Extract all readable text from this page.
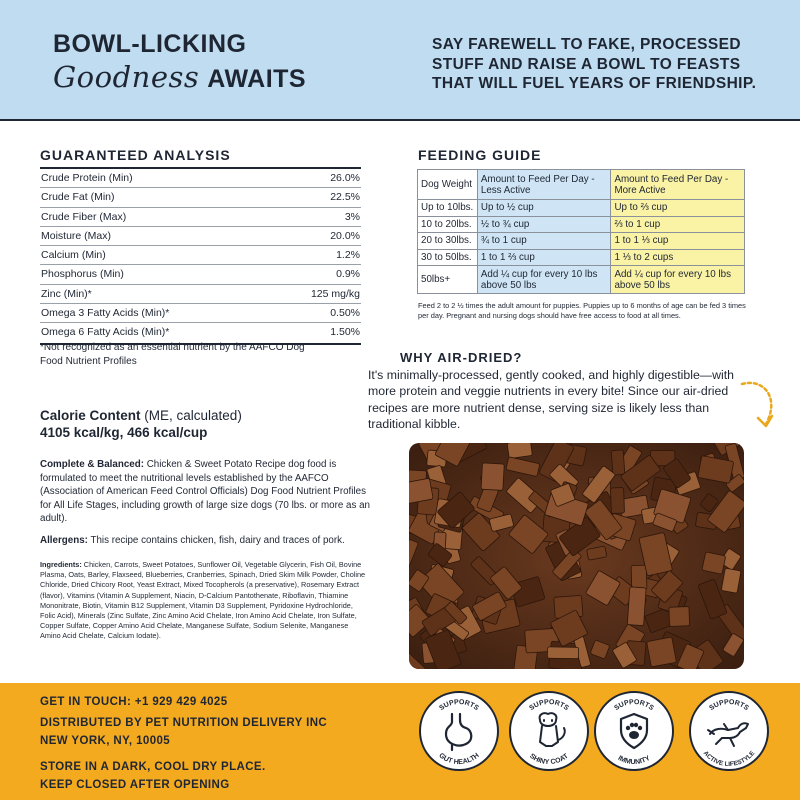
BOWL-LICKING
Goodness AWAITS
SAY FAREWELL TO FAKE, PROCESSED STUFF AND RAISE A BOWL TO FEASTS THAT WILL FUEL YEARS OF FRIENDSHIP.
GUARANTEED ANALYSIS
Crude Protein (Min)	26.0%
Crude Fat (Min)	22.5%
Crude Fiber (Max)	3%
Moisture (Max)	20.0%
Calcium (Min)	1.2%
Phosphorus (Min)	0.9%
Zinc (Min)*	125 mg/kg
Omega 3 Fatty Acids (Min)*	0.50%
Omega 6 Fatty Acids (Min)*	1.50%
*Not recognized as an essential nutrient by the AAFCO Dog Food Nutrient Profiles
Calorie Content (ME, calculated)
4105 kcal/kg, 466 kcal/cup
Complete & Balanced: Chicken & Sweet Potato Recipe dog food is formulated to meet the nutritional levels established by the AAFCO (Association of American Feed Control Officials) Dog Food Nutrient Profiles for All Life Stages, including growth of large size dogs (70 lbs. or more as an adult).
Allergens: This recipe contains chicken, fish, dairy and traces of pork.
Ingredients: Chicken, Carrots, Sweet Potatoes, Sunflower Oil, Vegetable Glycerin, Fish Oil, Bovine Plasma, Oats, Barley, Flaxseed, Blueberries, Cranberries, Spinach, Dried Skim Milk Powder, Choline Chloride, Dried Chicory Root, Yeast Extract, Mixed Tocopherols (a preservative), Rosemary Extract (flavor), Vitamins (Vitamin A Supplement, Niacin, D-Calcium Pantothenate, Riboflavin, Thiamine Mononitrate, Biotin, Vitamin B12 Supplement, Vitamin D3 Supplement, Pyridoxine Hydrochloride, Folic Acid), Minerals (Zinc Sulfate, Zinc Amino Acid Chelate, Iron Amino Acid Chelate, Iron Sulfate, Copper Sulfate, Copper Amino Acid Chelate, Manganese Sulfate, Sodium Selenite, Manganese Amino Acid Chelate, Calcium Iodate).
FEEDING GUIDE
Dog Weight	Amount to Feed Per Day - Less Active	Amount to Feed Per Day - More Active
Up to 10lbs.	Up to ½ cup	Up to ⅔ cup
10 to 20lbs.	½ to ¾ cup	⅔ to 1 cup
20 to 30lbs.	¾ to 1 cup	1 to 1 ⅓ cup
30 to 50lbs.	1 to 1 ⅔ cup	1 ⅓ to 2 cups
50lbs+	Add ¼ cup for every 10 lbs above 50 lbs	Add ¼ cup for every 10 lbs above 50 lbs
Feed 2 to 2 ½ times the adult amount for puppies. Puppies up to 6 months of age can be fed 3 times per day. Pregnant and nursing dogs should have free access to food at all times.
WHY AIR-DRIED?
It's minimally-processed, gently cooked, and highly digestible—with more protein and veggie nutrients in every bite! Since our air-dried recipes are more nutrient dense, serving size is likely less than traditional kibble.
GET IN TOUCH: +1 929 429 4025
DISTRIBUTED BY PET NUTRITION DELIVERY INC
NEW YORK, NY, 10005
STORE IN A DARK, COOL DRY PLACE.
KEEP CLOSED AFTER OPENING
SUPPORTS
GUT HEALTH
SUPPORTS
SHINY COAT
SUPPORTS
IMMUNITY
SUPPORTS
ACTIVE LIFESTYLE
